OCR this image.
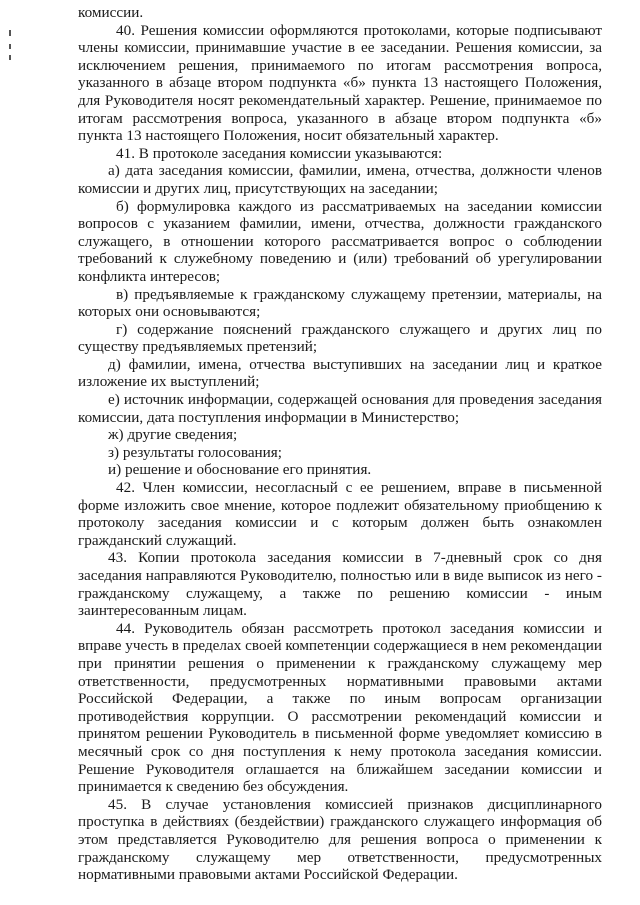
комиссии.

40. Решения комиссии оформляются протоколами, которые подписывают члены комиссии, принимавшие участие в ее заседании. Решения комиссии, за исключением решения, принимаемого по итогам рассмотрения вопроса, указанного в абзаце втором подпункта «б» пункта 13 настоящего Положения, для Руководителя носят рекомендательный характер. Решение, принимаемое по итогам рассмотрения вопроса, указанного в абзаце втором подпункта «б» пункта 13 настоящего Положения, носит обязательный характер.

41. В протоколе заседания комиссии указываются:

а) дата заседания комиссии, фамилии, имена, отчества, должности членов комиссии и других лиц, присутствующих на заседании;

б) формулировка каждого из рассматриваемых на заседании комиссии вопросов с указанием фамилии, имени, отчества, должности гражданского служащего, в отношении которого рассматривается вопрос о соблюдении требований к служебному поведению и (или) требований об урегулировании конфликта интересов;

в) предъявляемые к гражданскому служащему претензии, материалы, на которых они основываются;

г) содержание пояснений гражданского служащего и других лиц по существу предъявляемых претензий;

д) фамилии, имена, отчества выступивших на заседании лиц и краткое изложение их выступлений;

е) источник информации, содержащей основания для проведения заседания комиссии, дата поступления информации в Министерство;

ж) другие сведения;

з) результаты голосования;

и) решение и обоснование его принятия.

42. Член комиссии, несогласный с ее решением, вправе в письменной форме изложить свое мнение, которое подлежит обязательному приобщению к протоколу заседания комиссии и с которым должен быть ознакомлен гражданский служащий.

43. Копии протокола заседания комиссии в 7-дневный срок со дня заседания направляются Руководителю, полностью или в виде выписок из него - гражданскому служащему, а также по решению комиссии - иным заинтересованным лицам.

44. Руководитель обязан рассмотреть протокол заседания комиссии и вправе учесть в пределах своей компетенции содержащиеся в нем рекомендации при принятии решения о применении к гражданскому служащему мер ответственности, предусмотренных нормативными правовыми актами Российской Федерации, а также по иным вопросам организации противодействия коррупции. О рассмотрении рекомендаций комиссии и принятом решении Руководитель в письменной форме уведомляет комиссию в месячный срок со дня поступления к нему протокола заседания комиссии. Решение Руководителя оглашается на ближайшем заседании комиссии и принимается к сведению без обсуждения.

45. В случае установления комиссией признаков дисциплинарного проступка в действиях (бездействии) гражданского служащего информация об этом представляется Руководителю для решения вопроса о применении к гражданскому служащему мер ответственности, предусмотренных нормативными правовыми актами Российской Федерации.
